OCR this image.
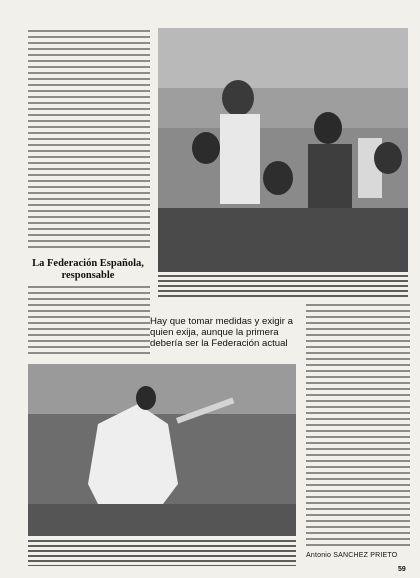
La Federación Española,
responsable

Hay que tomar medidas y exigir a quien exija, aunque la primera debería ser la Federación actual

Antonio SANCHEZ PRIETO
59
